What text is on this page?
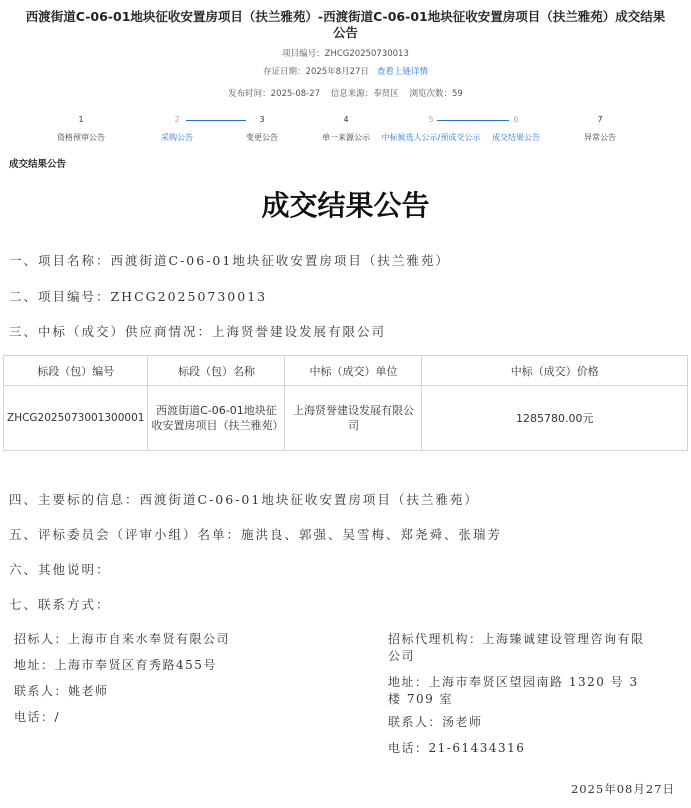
西渡街道C-06-01地块征收安置房项目（扶兰雅苑）-西渡街道C-06-01地块征收安置房项目（扶兰雅苑）成交结果公告
项目编号：ZHCG20250730013
存证日期：2025年8月27日 查看上链详情
发布时间：2025-08-27 信息来源：奉贤区 浏览次数：59
1
资格预审公告
2
采购公告
3
变更公告
4
单一来源公示
5
中标候选人公示/预成交公示
6
成交结果公告
7
异常公告
成交结果公告
成交结果公告
一、项目名称：西渡街道C-06-01地块征收安置房项目（扶兰雅苑）
二、项目编号：ZHCG20250730013
三、中标（成交）供应商情况：上海贤誉建设发展有限公司
标段（包）编号	标段（包）名称	中标（成交）单位	中标（成交）价格
ZHCG2025073001300001	西渡街道C-06-01地块征收安置房项目（扶兰雅苑）	上海贤誉建设发展有限公司	1285780.00元
四、主要标的信息：西渡街道C-06-01地块征收安置房项目（扶兰雅苑）
五、评标委员会（评审小组）名单：施洪良、郭强、吴雪梅、郑尧舜、张瑞芳
六、其他说明：
七、联系方式：
招标人：上海市自来水奉贤有限公司
地址：上海市奉贤区育秀路455号
联系人：姚老师
电话：/
招标代理机构：上海臻诚建设管理咨询有限
公司
地址：上海市奉贤区望园南路 1320 号 3
楼 709 室
联系人：汤老师
电话：21-61434316
2025年08月27日
